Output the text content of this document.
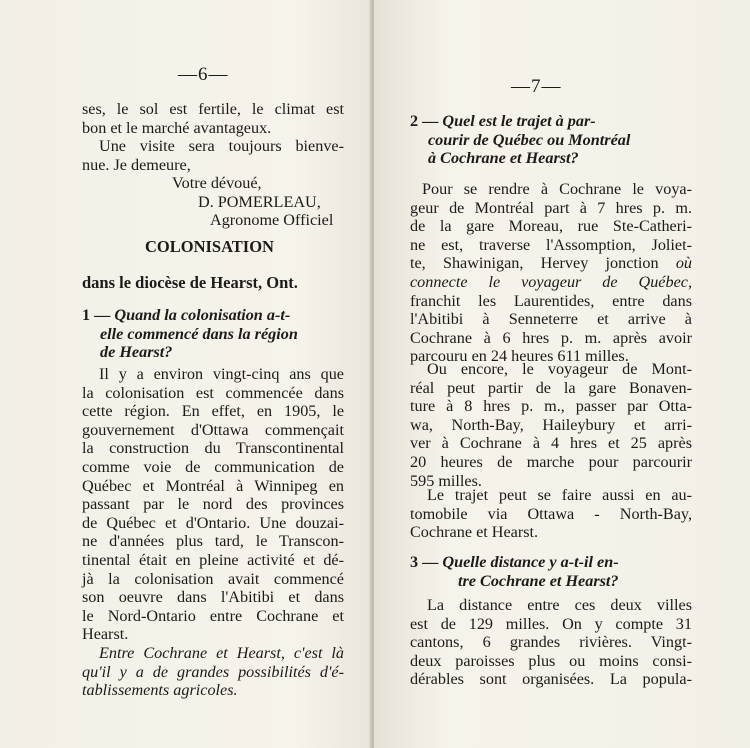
—6—
ses, le sol est fertile, le climat est
bon et le marché avantageux.
Une visite sera toujours bienve-
nue. Je demeure,
Votre dévoué,
D. POMERLEAU,
Agronome Officiel
COLONISATION
dans le diocèse de Hearst, Ont.
1 — Quand la colonisation a-t-
elle commencé dans la région
de Hearst?
Il y a environ vingt-cinq ans que
la colonisation est commencée dans
cette région. En effet, en 1905, le
gouvernement d'Ottawa commençait
la construction du Transcontinental
comme voie de communication de
Québec et Montréal à Winnipeg en
passant par le nord des provinces
de Québec et d'Ontario. Une douzai-
ne d'années plus tard, le Transcon-
tinental était en pleine activité et dé-
jà la colonisation avait commencé
son oeuvre dans l'Abitibi et dans
le Nord-Ontario entre Cochrane et
Hearst.
Entre Cochrane et Hearst, c'est là
qu'il y a de grandes possibilités d'é-
tablissements agricoles.
—7—
2 — Quel est le trajet à par-
courir de Québec ou Montréal
à Cochrane et Hearst?
Pour se rendre à Cochrane le voya-
geur de Montréal part à 7 hres p. m.
de la gare Moreau, rue Ste-Catheri-
ne est, traverse l'Assomption, Joliet-
te, Shawinigan, Hervey jonction où
connecte le voyageur de Québec,
franchit les Laurentides, entre dans
l'Abitibi à Senneterre et arrive à
Cochrane à 6 hres p. m. après avoir
parcouru en 24 heures 611 milles.
Ou encore, le voyageur de Mont-
réal peut partir de la gare Bonaven-
ture à 8 hres p. m., passer par Otta-
wa, North-Bay, Haileybury et arri-
ver à Cochrane à 4 hres et 25 après
20 heures de marche pour parcourir
595 milles.
Le trajet peut se faire aussi en au-
tomobile via Ottawa - North-Bay,
Cochrane et Hearst.
3 — Quelle distance y a-t-il en-
tre Cochrane et Hearst?
La distance entre ces deux villes
est de 129 milles. On y compte 31
cantons, 6 grandes rivières. Vingt-
deux paroisses plus ou moins consi-
dérables sont organisées. La popula-
